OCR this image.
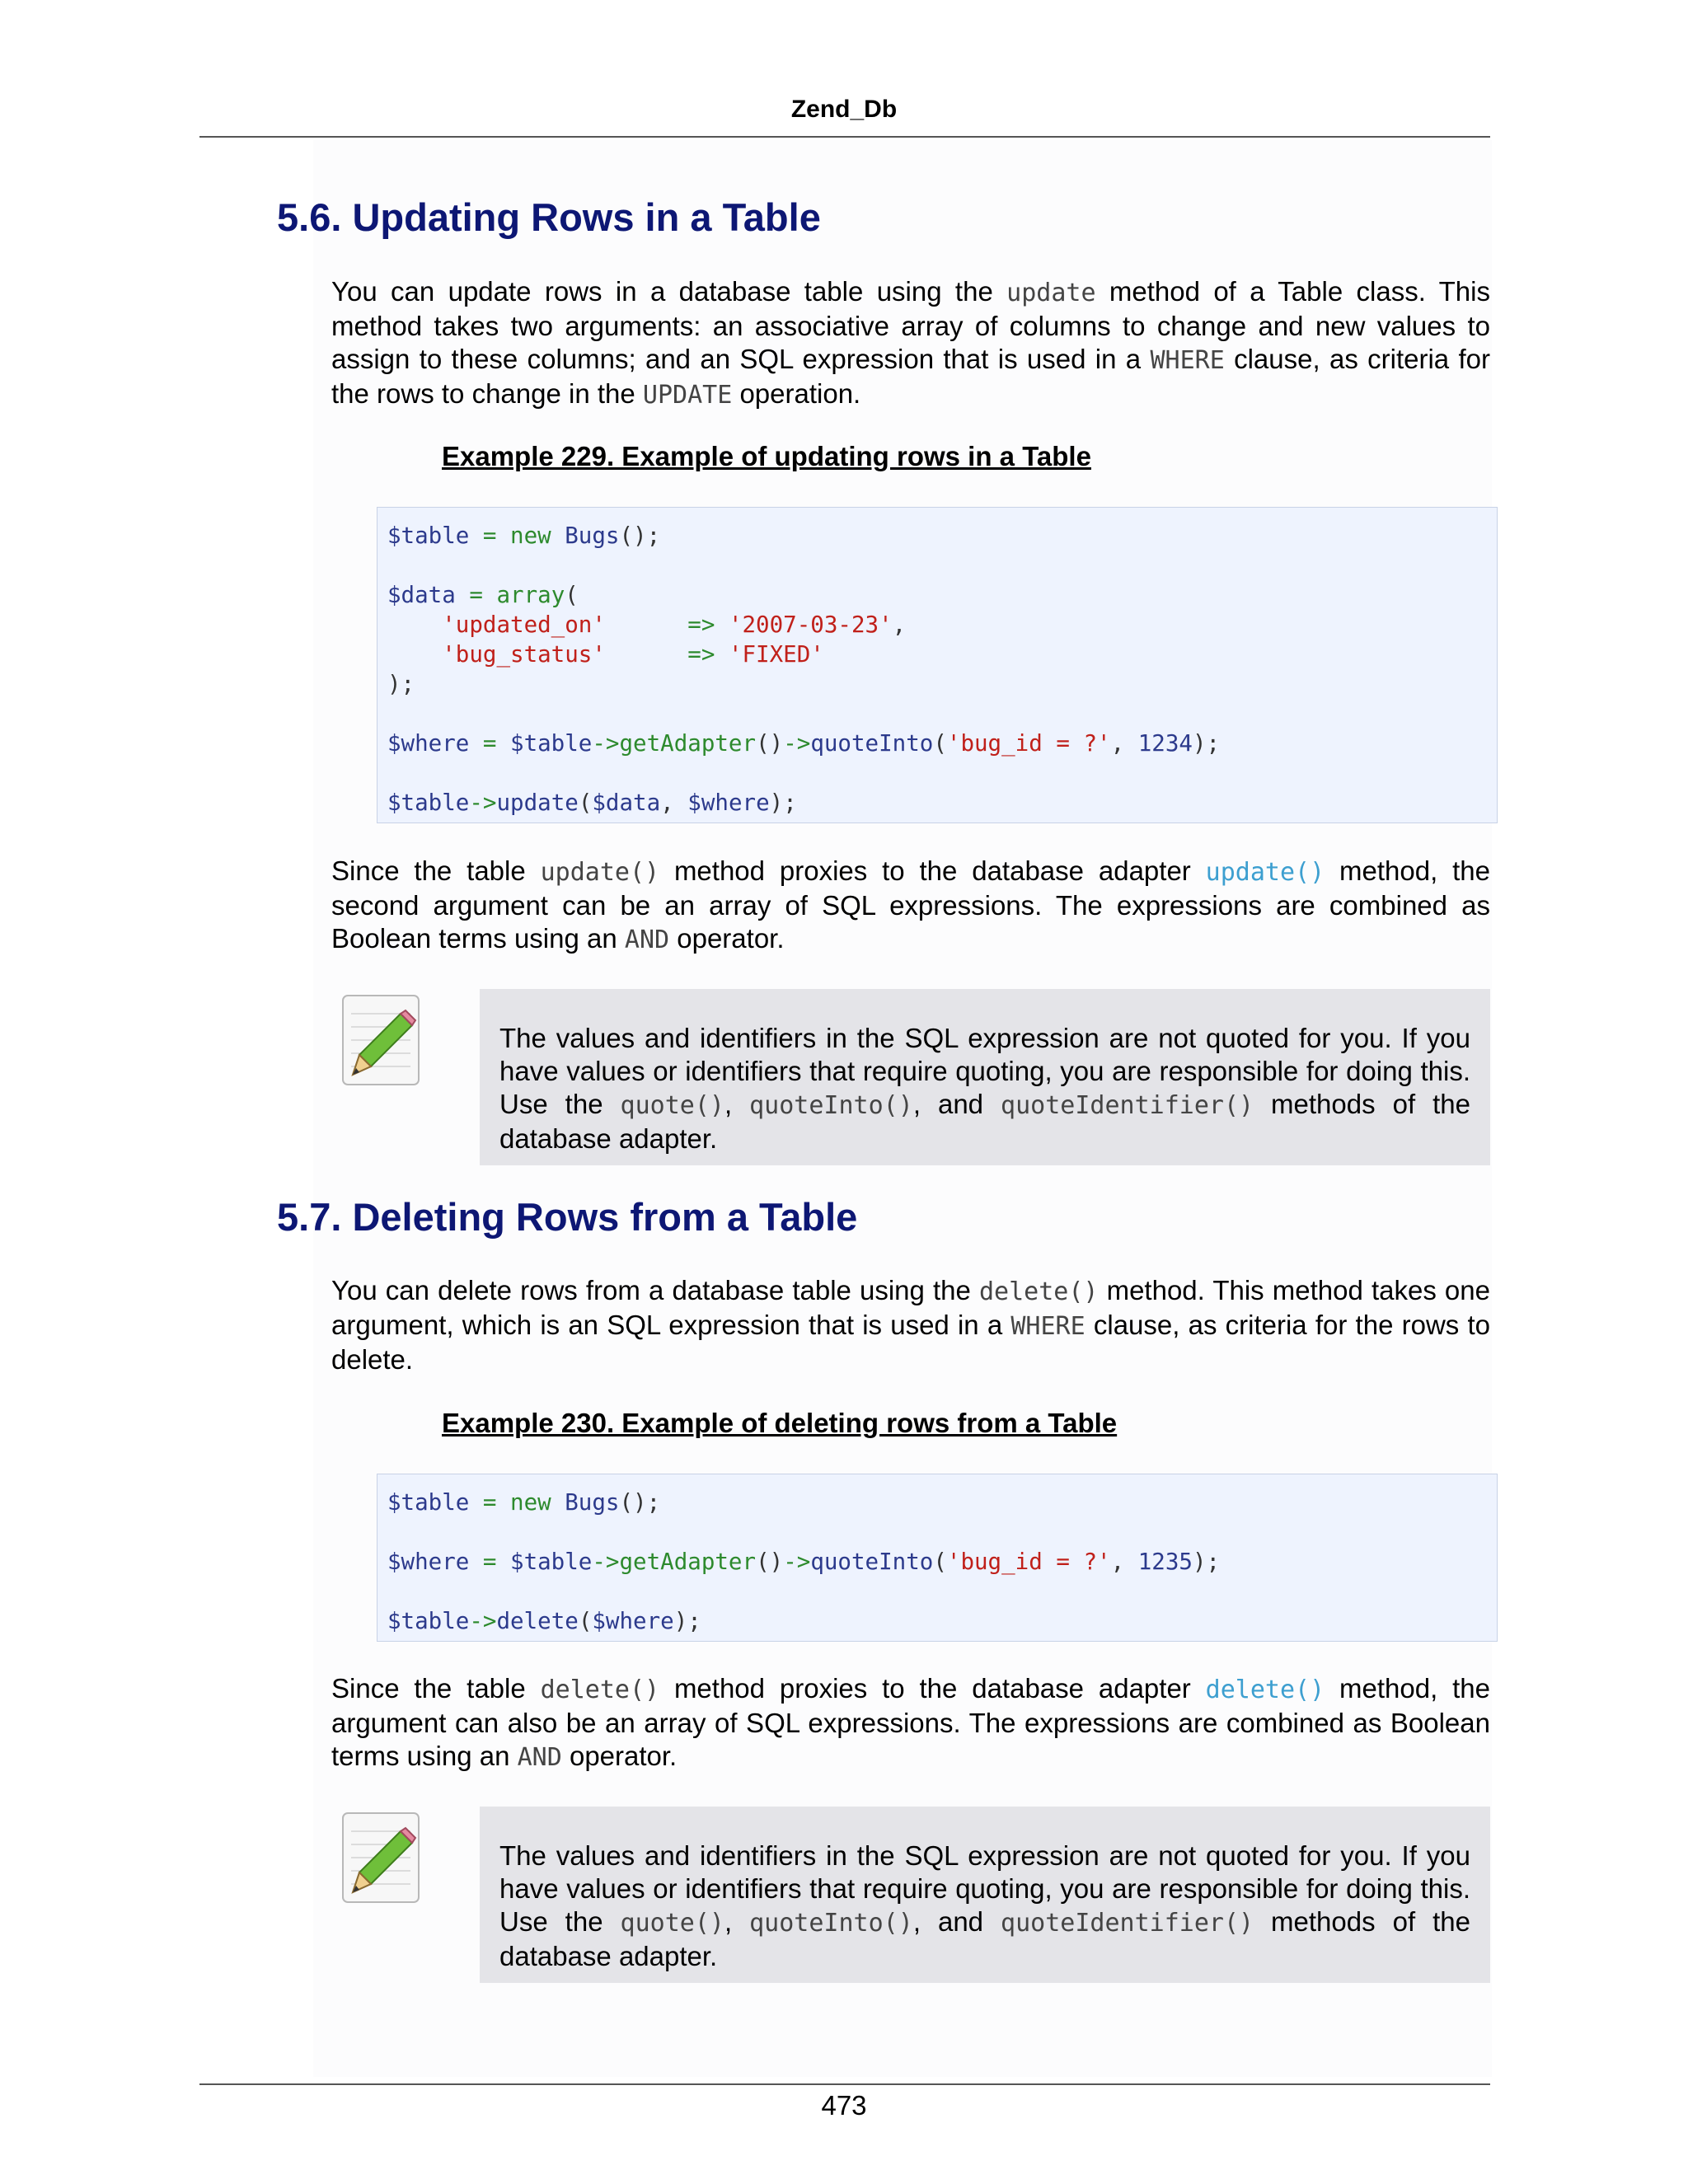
Zend_Db
5.6. Updating Rows in a Table

You can update rows in a database table using the update method of a Table class. This method takes two arguments: an associative array of columns to change and new values to assign to these columns; and an SQL expression that is used in a WHERE clause, as criteria for the rows to change in the UPDATE operation.

Example 229. Example of updating rows in a Table
$table = new Bugs();
$data = array(
'updated_on'	=> '2007-03-23',
'bug_status'	=> 'FIXED'
);
$where = $table->getAdapter()->quoteInto('bug_id = ?', 1234);
$table->update($data, $where);

Since the table update() method proxies to the database adapter update() method, the second argument can be an array of SQL expressions. The expressions are combined as Boolean terms using an AND operator.

The values and identifiers in the SQL expression are not quoted for you. If you have values or identifiers that require quoting, you are responsible for doing this. Use the quote(), quoteInto(), and quoteIdentifier() methods of the database adapter.
5.7. Deleting Rows from a Table

You can delete rows from a database table using the delete() method. This method takes one argument, which is an SQL expression that is used in a WHERE clause, as criteria for the rows to delete.

Example 230. Example of deleting rows from a Table
$table = new Bugs();
$where = $table->getAdapter()->quoteInto('bug_id = ?', 1235);
$table->delete($where);

Since the table delete() method proxies to the database adapter delete() method, the argument can also be an array of SQL expressions. The expressions are combined as Boolean terms using an AND operator.

The values and identifiers in the SQL expression are not quoted for you. If you have values or identifiers that require quoting, you are responsible for doing this. Use the quote(), quoteInto(), and quoteIdentifier() methods of the database adapter.
473
